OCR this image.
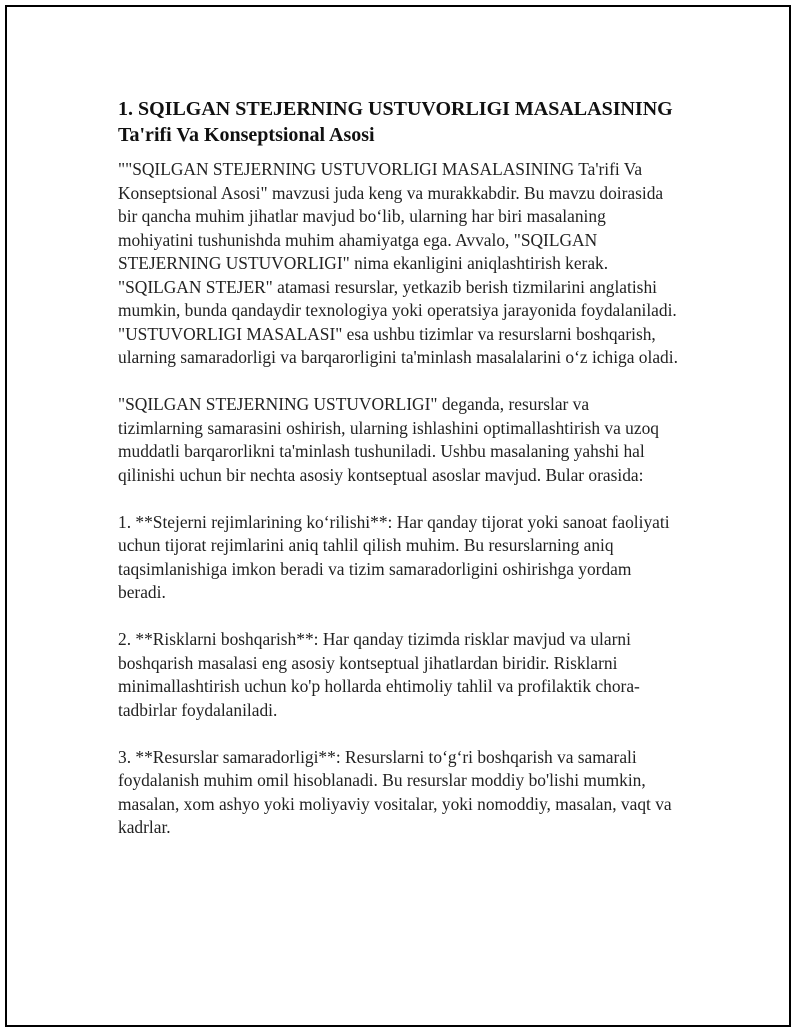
1. SQILGAN STEJERNING USTUVORLIGI MASALASINING Ta'rifi Va Konseptsional Asosi

""SQILGAN STEJERNING USTUVORLIGI MASALASINING Ta'rifi Va Konseptsional Asosi" mavzusi juda keng va murakkabdir. Bu mavzu doirasida bir qancha muhim jihatlar mavjud bo‘lib, ularning har biri masalaning mohiyatini tushunishda muhim ahamiyatga ega. Avvalo, "SQILGAN STEJERNING USTUVORLIGI" nima ekanligini aniqlashtirish kerak. "SQILGAN STEJER" atamasi resurslar, yetkazib berish tizmilarini anglatishi mumkin, bunda qandaydir texnologiya yoki operatsiya jarayonida foydalaniladi. "USTUVORLIGI MASALASI" esa ushbu tizimlar va resurslarni boshqarish, ularning samaradorligi va barqarorligini ta'minlash masalalarini o‘z ichiga oladi.

"SQILGAN STEJERNING USTUVORLIGI" deganda, resurslar va tizimlarning samarasini oshirish, ularning ishlashini optimallashtirish va uzoq muddatli barqarorlikni ta'minlash tushuniladi. Ushbu masalaning yahshi hal qilinishi uchun bir nechta asosiy kontseptual asoslar mavjud. Bular orasida:

1. **Stejerni rejimlarining ko‘rilishi**: Har qanday tijorat yoki sanoat faoliyati uchun tijorat rejimlarini aniq tahlil qilish muhim. Bu resurslarning aniq taqsimlanishiga imkon beradi va tizim samaradorligini oshirishga yordam beradi.

2. **Risklarni boshqarish**: Har qanday tizimda risklar mavjud va ularni boshqarish masalasi eng asosiy kontseptual jihatlardan biridir. Risklarni minimallashtirish uchun ko'p hollarda ehtimoliy tahlil va profilaktik chora-tadbirlar foydalaniladi.

3. **Resurslar samaradorligi**: Resurslarni to‘g‘ri boshqarish va samarali foydalanish muhim omil hisoblanadi. Bu resurslar moddiy bo'lishi mumkin, masalan, xom ashyo yoki moliyaviy vositalar, yoki nomoddiy, masalan, vaqt va kadrlar.
